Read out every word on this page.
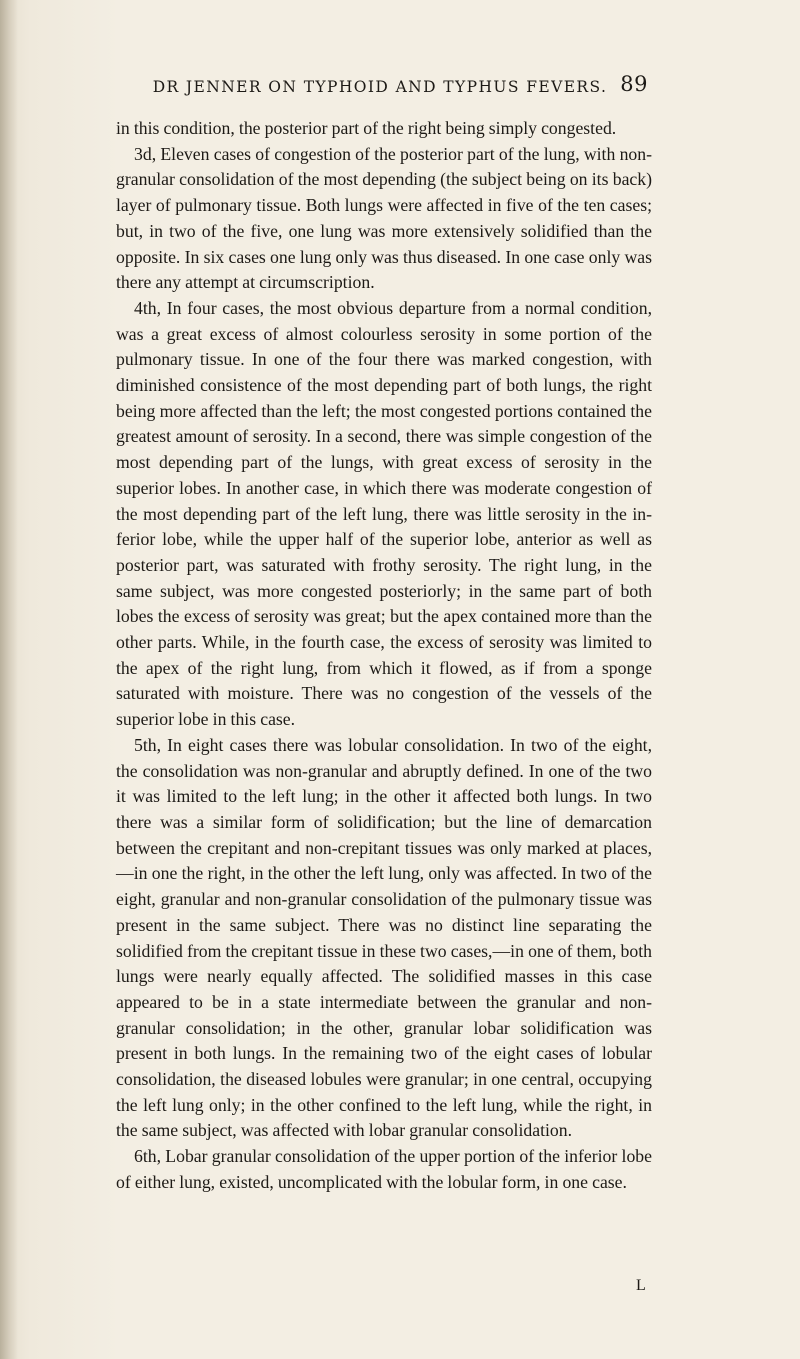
DR JENNER ON TYPHOID AND TYPHUS FEVERS. 89

in this condition, the posterior part of the right being simply congested.

3d, Eleven cases of congestion of the posterior part of the lung, with non-granular consolidation of the most depending (the subject being on its back) layer of pulmonary tissue. Both lungs were affected in five of the ten cases; but, in two of the five, one lung was more extensively solidified than the opposite. In six cases one lung only was thus diseased. In one case only was there any attempt at circumscription.

4th, In four cases, the most obvious departure from a normal condition, was a great excess of almost colourless serosity in some portion of the pulmonary tissue. In one of the four there was marked congestion, with diminished consistence of the most depending part of both lungs, the right being more affected than the left; the most congested portions contained the greatest amount of serosity. In a second, there was simple congestion of the most depending part of the lungs, with great excess of serosity in the superior lobes. In another case, in which there was moderate congestion of the most depending part of the left lung, there was little serosity in the inferior lobe, while the upper half of the superior lobe, anterior as well as posterior part, was saturated with frothy serosity. The right lung, in the same subject, was more congested posteriorly; in the same part of both lobes the excess of serosity was great; but the apex contained more than the other parts. While, in the fourth case, the excess of serosity was limited to the apex of the right lung, from which it flowed, as if from a sponge saturated with moisture. There was no congestion of the vessels of the superior lobe in this case.

5th, In eight cases there was lobular consolidation. In two of the eight, the consolidation was non-granular and abruptly defined. In one of the two it was limited to the left lung; in the other it affected both lungs. In two there was a similar form of solidification; but the line of demarcation between the crepitant and non-crepitant tissues was only marked at places,—in one the right, in the other the left lung, only was affected. In two of the eight, granular and non-granular consolidation of the pulmonary tissue was present in the same subject. There was no distinct line separating the solidified from the crepitant tissue in these two cases,—in one of them, both lungs were nearly equally affected. The solidified masses in this case appeared to be in a state intermediate between the granular and non-granular consolidation; in the other, granular lobar solidification was present in both lungs. In the remaining two of the eight cases of lobular consolidation, the diseased lobules were granular; in one central, occupying the left lung only; in the other confined to the left lung, while the right, in the same subject, was affected with lobar granular consolidation.

6th, Lobar granular consolidation of the upper portion of the inferior lobe of either lung, existed, uncomplicated with the lobular form, in one case.

L
